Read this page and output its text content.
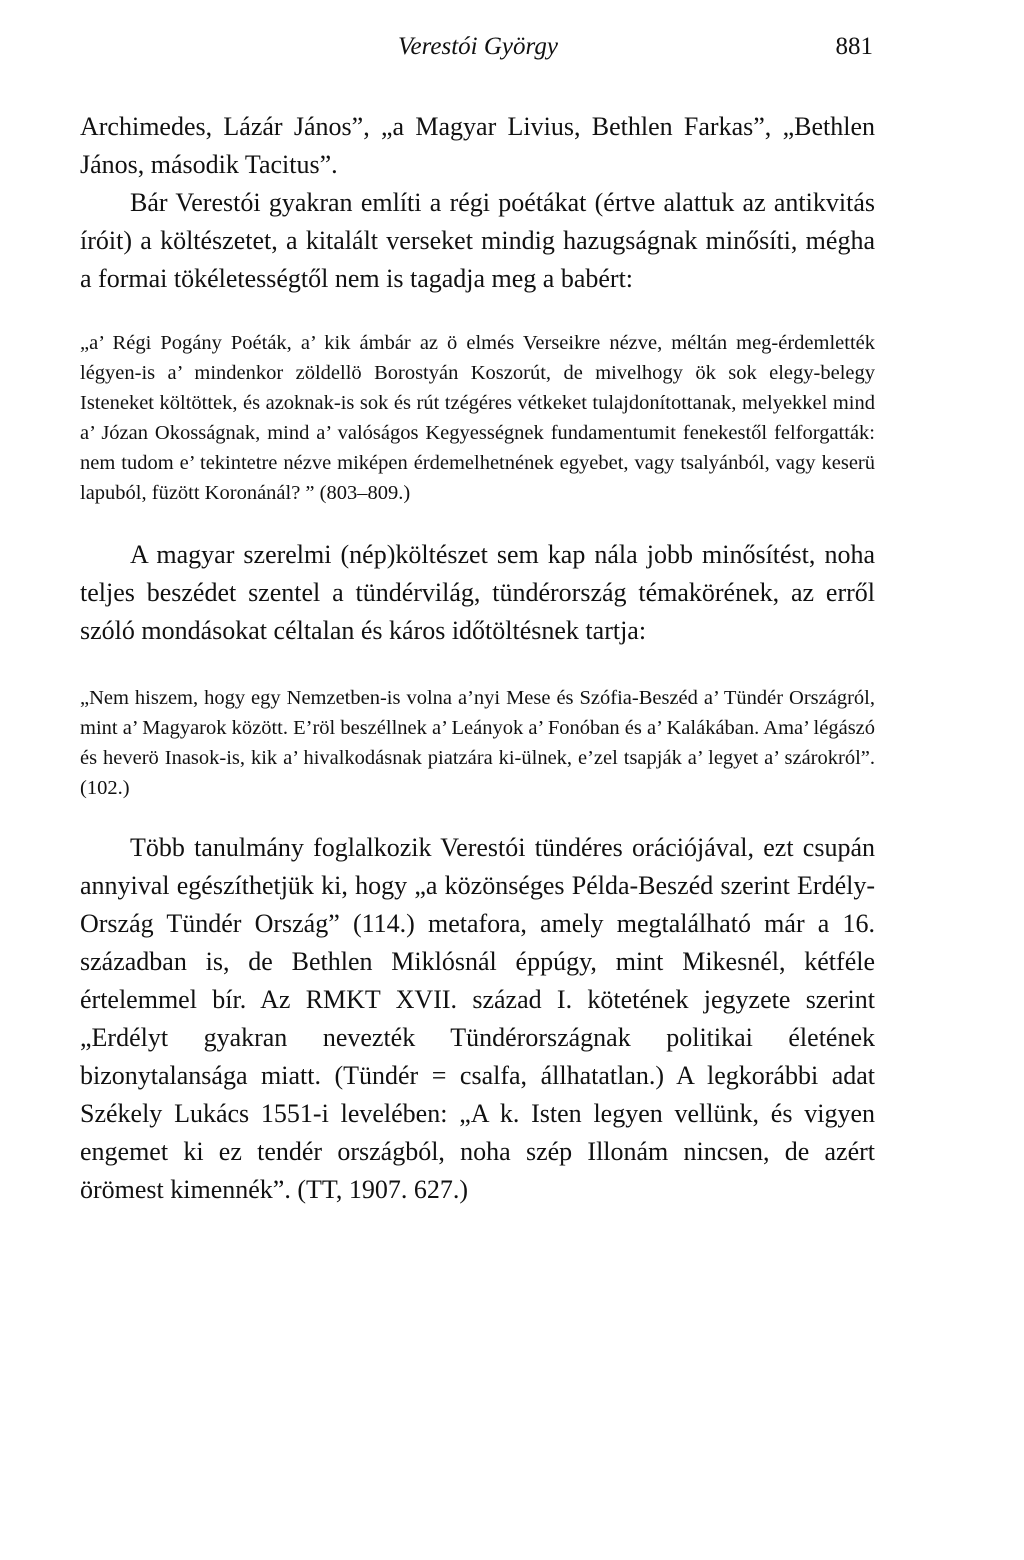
Verestói György	881

Archimedes, Lázár János”, „a Magyar Livius, Bethlen Farkas”, „Bethlen János, második Tacitus”.

Bár Verestói gyakran említi a régi poétákat (értve alattuk az antikvitás íróit) a költészetet, a kitalált verseket mindig hazugságnak minősíti, mégha a formai tökéletességtől nem is tagadja meg a babért:

„a’ Régi Pogány Poéták, a’ kik ámbár az ö elmés Verseikre nézve, méltán meg-érdemlették légyen-is a’ mindenkor zöldellö Borostyán Koszorút, de mivelhogy ök sok elegy-belegy Isteneket költöttek, és azoknak-is sok és rút tzégéres vétkeket tulajdonítottanak, melyekkel mind a’ Józan Okosságnak, mind a’ valóságos Kegyességnek fundamentumit fenekestől felforgatták: nem tudom e’ tekintetre nézve miképen érdemelhetnének egyebet, vagy tsalyánból, vagy keserü lapuból, füzött Koronánál? ” (803–809.)

A magyar szerelmi (nép)költészet sem kap nála jobb minősítést, noha teljes beszédet szentel a tündérvilág, tündérország témakörének, az erről szóló mondásokat céltalan és káros időtöltésnek tartja:

„Nem hiszem, hogy egy Nemzetben-is volna a’nyi Mese és Szófia-Beszéd a’ Tündér Országról, mint a’ Magyarok között. E’röl beszéllnek a’ Leányok a’ Fonóban és a’ Kalákában. Ama’ légászó és heverö Inasok-is, kik a’ hivalkodásnak piatzára ki-ülnek, e’zel tsapják a’ legyet a’ szárokról”. (102.)

Több tanulmány foglalkozik Verestói tündéres orációjával, ezt csupán annyival egészíthetjük ki, hogy „a közönséges Példa-Beszéd szerint Erdély-Ország Tündér Ország” (114.) metafora, amely megtalálható már a 16. században is, de Bethlen Miklósnál éppúgy, mint Mikesnél, kétféle értelemmel bír. Az RMKT XVII. század I. kötetének jegyzete szerint „Erdélyt gyakran nevezték Tündérországnak politikai életének bizonytalansága miatt. (Tündér = csalfa, állhatatlan.) A legkorábbi adat Székely Lukács 1551-i levelében: „A k. Isten legyen vellünk, és vigyen engemet ki ez tendér országból, noha szép Illonám nincsen, de azért örömest kimennék”. (TT, 1907. 627.)
